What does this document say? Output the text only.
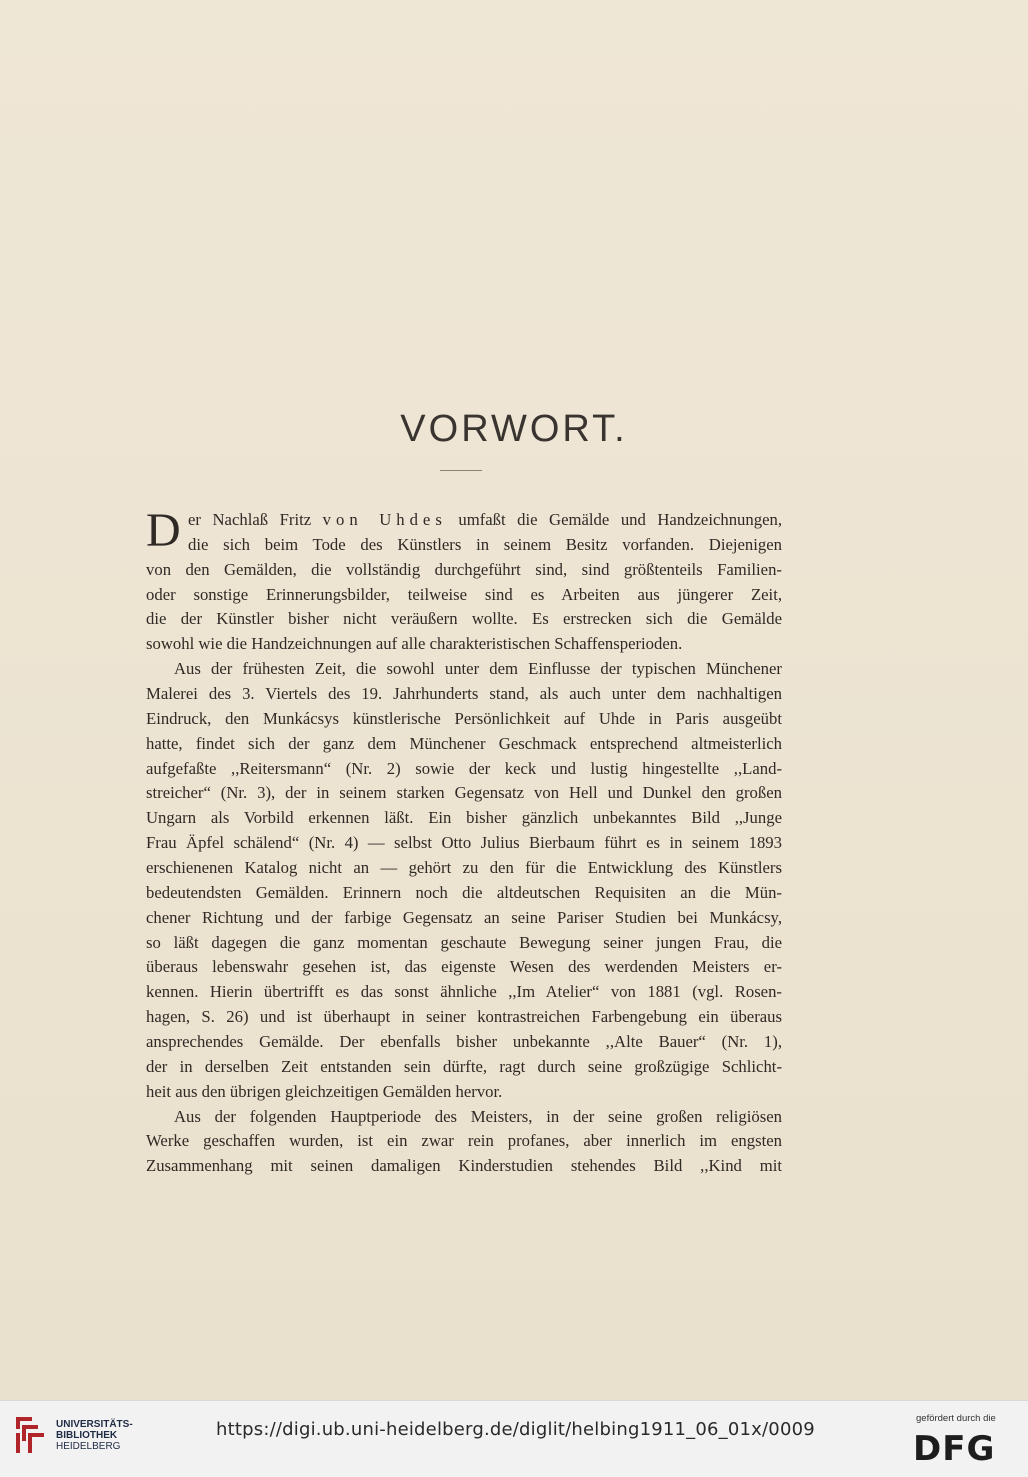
VORWORT.
D er Nachlaß Fritz von Uhdes umfaßt die Gemälde und Handzeichnungen,
die sich beim Tode des Künstlers in seinem Besitz vorfanden. Diejenigen
von den Gemälden, die vollständig durchgeführt sind, sind größtenteils Familien-
oder sonstige Erinnerungsbilder, teilweise sind es Arbeiten aus jüngerer Zeit,
die der Künstler bisher nicht veräußern wollte. Es erstrecken sich die Gemälde
sowohl wie die Handzeichnungen auf alle charakteristischen Schaffensperioden.
Aus der frühesten Zeit, die sowohl unter dem Einflusse der typischen Münchener
Malerei des 3. Viertels des 19. Jahrhunderts stand, als auch unter dem nachhaltigen
Eindruck, den Munkácsys künstlerische Persönlichkeit auf Uhde in Paris ausgeübt
hatte, findet sich der ganz dem Münchener Geschmack entsprechend altmeisterlich
aufgefaßte ,,Reitersmann“ (Nr. 2) sowie der keck und lustig hingestellte ,,Land-
streicher“ (Nr. 3), der in seinem starken Gegensatz von Hell und Dunkel den großen
Ungarn als Vorbild erkennen läßt. Ein bisher gänzlich unbekanntes Bild ,,Junge
Frau Äpfel schälend“ (Nr. 4) — selbst Otto Julius Bierbaum führt es in seinem 1893
erschienenen Katalog nicht an — gehört zu den für die Entwicklung des Künstlers
bedeutendsten Gemälden. Erinnern noch die altdeutschen Requisiten an die Mün-
chener Richtung und der farbige Gegensatz an seine Pariser Studien bei Munkácsy,
so läßt dagegen die ganz momentan geschaute Bewegung seiner jungen Frau, die
überaus lebenswahr gesehen ist, das eigenste Wesen des werdenden Meisters er-
kennen. Hierin übertrifft es das sonst ähnliche ,,Im Atelier“ von 1881 (vgl. Rosen-
hagen, S. 26) und ist überhaupt in seiner kontrastreichen Farbengebung ein überaus
ansprechendes Gemälde. Der ebenfalls bisher unbekannte ,,Alte Bauer“ (Nr. 1),
der in derselben Zeit entstanden sein dürfte, ragt durch seine großzügige Schlicht-
heit aus den übrigen gleichzeitigen Gemälden hervor.
Aus der folgenden Hauptperiode des Meisters, in der seine großen religiösen
Werke geschaffen wurden, ist ein zwar rein profanes, aber innerlich im engsten
Zusammenhang mit seinen damaligen Kinderstudien stehendes Bild ,,Kind mit
UNIVERSITÄTS-
BIBLIOTHEK
HEIDELBERG
https://digi.ub.uni-heidelberg.de/diglit/helbing1911_06_01x/0009
gefördert durch die
DFG
